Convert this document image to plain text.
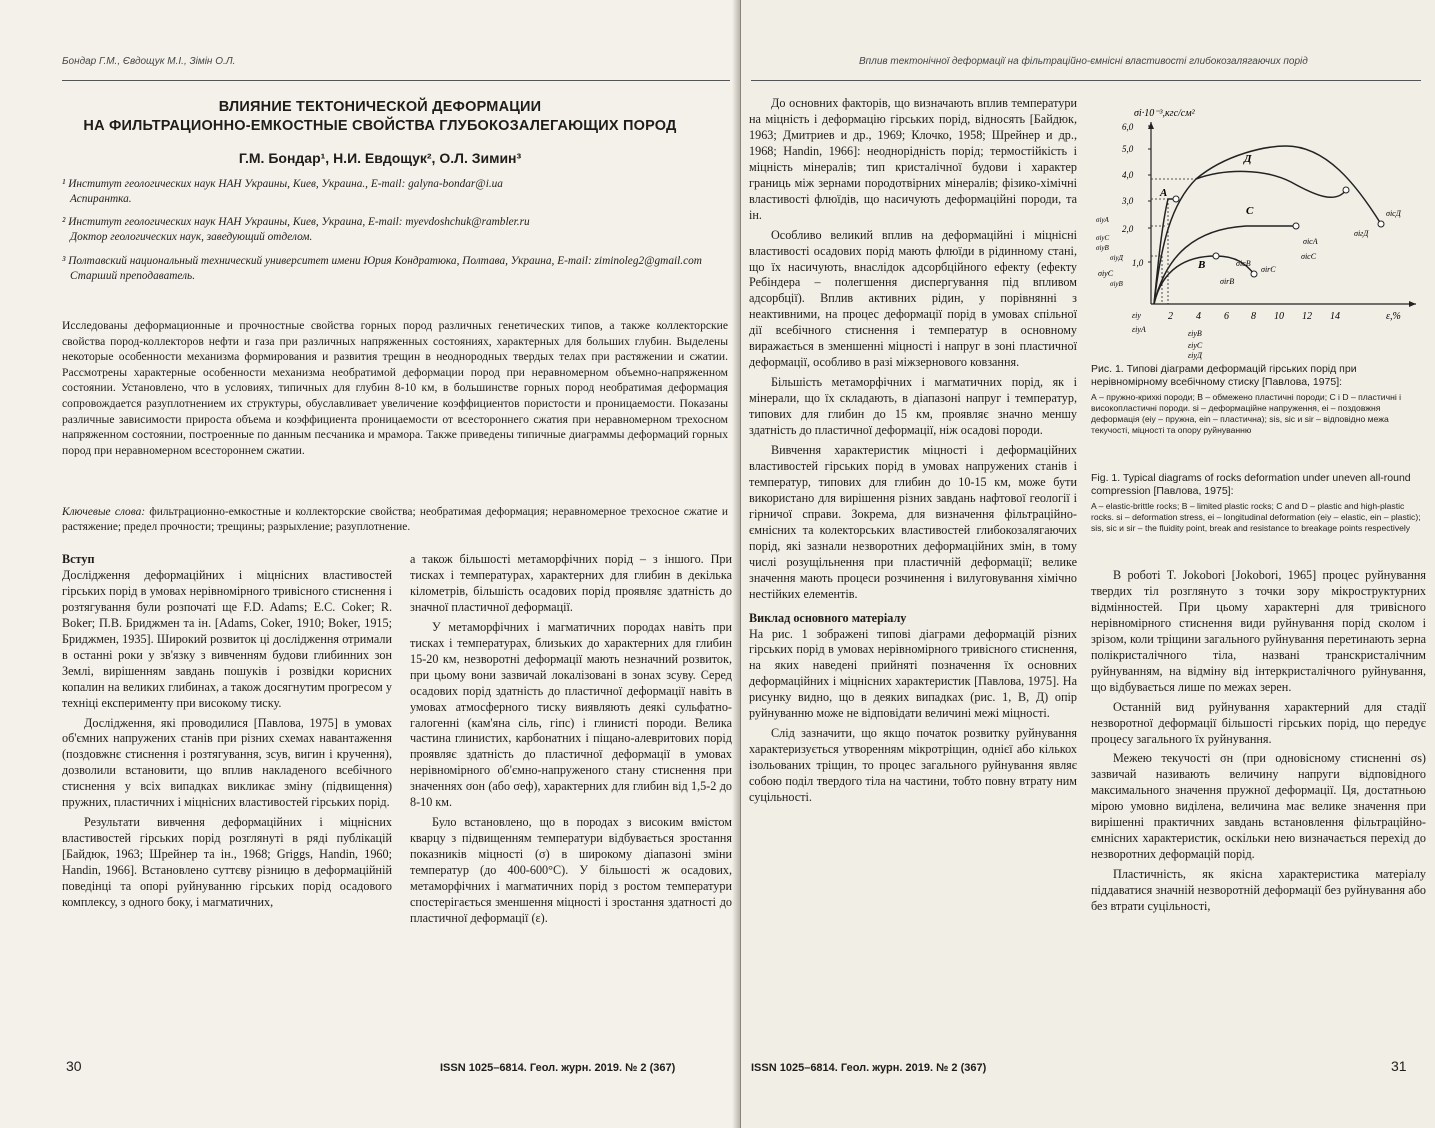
Бондар Г.М., Євдощук М.І., Зімін О.Л.
ВЛИЯНИЕ ТЕКТОНИЧЕСКОЙ ДЕФОРМАЦИИ
НА ФИЛЬТРАЦИОННО-ЕМКОСТНЫЕ СВОЙСТВА ГЛУБОКОЗАЛЕГАЮЩИХ ПОРОД
Г.М. Бондар¹, Н.И. Евдощук², О.Л. Зимин³
¹ Институт геологических наук НАН Украины, Киев, Украина., E-mail: galyna-bondar@i.ua
Аспирантка.
² Институт геологических наук НАН Украины, Киев, Украина, E-mail: myevdoshchuk@rambler.ru
Доктор геологических наук, заведующий отделом.
³ Полтавский национальный технический университет имени Юрия Кондратюка, Полтава, Украина, E-mail: ziminoleg2@gmail.com
Старший преподаватель.
Исследованы деформационные и прочностные свойства горных пород различных генетических типов, а также коллекторские свойства пород-коллекторов нефти и газа при различных напряженных состояниях, характерных для больших глубин. Выделены некоторые особенности механизма формирования и развития трещин в неоднородных твердых телах при растяжении и сжатии. Рассмотрены характерные особенности механизма необратимой деформации пород при неравномерном объемно-напряженном состоянии. Установлено, что в условиях, типичных для глубин 8-10 км, в большинстве горных пород необратимая деформация сопровождается разуплотнением их структуры, обуславливает увеличение коэффициентов пористости и проницаемости. Показаны различные зависимости прироста объема и коэффициента проницаемости от всестороннего сжатия при неравномерном трехосном напряженном состоянии, построенные по данным песчаника и мрамора. Также приведены типичные диаграммы деформаций горных пород при неравномерном всестороннем сжатии.
Ключевые слова: фильтрационно-емкостные и коллекторские свойства; необратимая деформация; неравномерное трехосное сжатие и растяжение; предел прочности; трещины; разрыхление; разуплотнение.
Вступ

Дослідження деформаційних і міцнісних властивостей гірських порід в умовах нерівномірного тривісного стиснення і розтягування були розпочаті ще F.D. Adams; E.C. Coker; R. Boker; П.В. Бриджмен та ін. [Adams, Coker, 1910; Boker, 1915; Бриджмен, 1935]. Широкий розвиток ці дослідження отримали в останні роки у зв'язку з вивченням будови глибинних зон Землі, вирішенням завдань пошуків і розвідки корисних копалин на великих глибинах, а також досягнутим прогресом у техніці експерименту при високому тиску.

Дослідження, які проводилися [Павлова, 1975] в умовах об'ємних напружених станів при різних схемах навантаження (поздовжнє стиснення і розтягування, зсув, вигин і кручення), дозволили встановити, що вплив накладеного всебічного стиснення у всіх випадках викликає зміну (підвищення) пружних, пластичних і міцнісних властивостей гірських порід.

Результати вивчення деформаційних і міцнісних властивостей гірських порід розглянуті в ряді публікацій [Байдюк, 1963; Шрейнер та ін., 1968; Griggs, Handin, 1960; Handin, 1966]. Встановлено суттєву різницю в деформаційній поведінці та опорі руйнуванню гірських порід осадового комплексу, з одного боку, і магматичних,

а також більшості метаморфічних порід – з іншого. При тисках і температурах, характерних для глибин в декілька кілометрів, більшість осадових порід проявляє здатність до значної пластичної деформації.

У метаморфічних і магматичних породах навіть при тисках і температурах, близьких до характерних для глибин 15-20 км, незворотні деформації мають незначний розвиток, при цьому вони зазвичай локалізовані в зонах зсуву. Серед осадових порід здатність до пластичної деформації навіть в умовах атмосферного тиску виявляють деякі сульфатно-галогенні (кам'яна сіль, гіпс) і глинисті породи. Велика частина глинистих, карбонатних і піщано-алевритових порід проявляє здатність до пластичної деформації в умовах нерівномірного об'ємно-напруженого стану стиснення при значеннях σон (або σеф), характерних для глибин від 1,5-2 до 8-10 км.

Було встановлено, що в породах з високим вмістом кварцу з підвищенням температури відбувається зростання показників міцності (σ) в широкому діапазоні зміни температур (до 400-600°С). У більшості ж осадових, метаморфічних і магматичних порід з ростом температури спостерігається зменшення міцності і зростання здатності до пластичної деформації (ε).

30	ISSN 1025–6814. Геол. журн. 2019. № 2 (367)
Вплив тектонічної деформації на фільтраційно-ємнісні властивості глибокозалягаючих порід

До основних факторів, що визначають вплив температури на міцність і деформацію гірських порід, відносять [Байдюк, 1963; Дмитриев и др., 1969; Клочко, 1958; Шрейнер и др., 1968; Handin, 1966]: неоднорідність порід; термостійкість і міцність мінералів; тип кристалічної будови і характер границь між зернами породотвірних мінералів; фізико-хімічні властивості флюїдів, що насичують деформаційні породи, та ін.

Особливо великий вплив на деформаційні і міцнісні властивості осадових порід мають флюїди в рідинному стані, що їх насичують, внаслідок адсорбційного ефекту (ефекту Ребіндера – полегшення диспергування під впливом адсорбції). Вплив активних рідин, у порівнянні з неактивними, на процес деформації порід в умовах спільної дії всебічного стиснення і температур в основному виражається в зменшенні міцності і напруг в зоні пластичної деформації, особливо в разі міжзернового ковзання.

Більшість метаморфічних і магматичних порід, як і мінерали, що їх складають, в діапазоні напруг і температур, типових для глибин до 15 км, проявляє значно меншу здатність до пластичної деформації, ніж осадові породи.

Вивчення характеристик міцності і деформаційних властивостей гірських порід в умовах напружених станів і температур, типових для глибин до 10-15 км, може бути використано для вирішення різних завдань нафтової геології і гірничої справи. Зокрема, для визначення фільтраційно-ємнісних та колекторських властивостей глибокозалягаючих порід, які зазнали незворотних деформаційних змін, в тому числі розущільнення при пластичній деформації; велике значення мають процеси розчинення і вилуговування хімічно нестійких елементів.

Виклад основного матеріалу

На рис. 1 зображені типові діаграми деформацій різних гірських порід в умовах нерівномірного тривісного стиснення, на яких наведені прийняті позначення їх основних деформаційних і міцнісних характеристик [Павлова, 1975]. На рисунку видно, що в деяких випадках (рис. 1, В, Д) опір руйнуванню може не відповідати величині межі міцності.

Слід зазначити, що якщо початок розвитку руйнування характеризується утворенням мікротріщин, однієї або кількох ізольованих тріщин, то процес загального руйнування являє собою поділ твердого тіла на частини, тобто повну втрату ним суцільності.

σi·10⁻³,кгс/см²
6,0
5,0
4,0
3,0
2,0
1,0
2 4 6 8 10 12 14	ε,%
Д
A
C
B
σiсД
σiгД
σicA
σicC
σirC
σicB
σirB
σiуС
σiуA
σiуB
σiуC
σiуД
σiуB
εiу
εiуА	εiуВ
εiуС
εiуД
Рис. 1. Типові діаграми деформацій гірських порід при нерівномірному всебічному стиску [Павлова, 1975]:
А – пружно-крихкі породи; В – обмежено пластичні породи; C і D – пластичні і високопластичні породи. si – деформаційне напруження, ei – поздовжня деформація (eiy – пружна, ein – пластична); sis, sic и sir – відповідно межа текучості, міцності та опору руйнуванню
Fig. 1. Typical diagrams of rocks deformation under uneven all-round compression [Павлова, 1975]:
A – elastic-brittle rocks; B – limited plastic rocks; C and D – plastic and high-plastic rocks. si – deformation stress, ei – longitudinal deformation (eiy – elastic, ein – plastic); sis, sic и sir – the fluidity point, break and resistance to breakage points respectively

В роботі T. Jokobori [Jokobori, 1965] процес руйнування твердих тіл розглянуто з точки зору мікроструктурних відмінностей. При цьому характерні для тривісного нерівномірного стиснення види руйнування порід сколом і зрізом, коли тріщини загального руйнування перетинають зерна полікристалічного тіла, названі транскристалічним руйнуванням, на відміну від інтеркристалічного руйнування, що відбувається лише по межах зерен.

Останній вид руйнування характерний для стадії незворотної деформації більшості гірських порід, що передує процесу загального їх руйнування.

Межею текучості σн (при одновісному стисненні σs) зазвичай називають величину напруги відповідного максимального значення пружної деформації. Ця, достатньою мірою умовно виділена, величина має велике значення при вирішенні практичних завдань встановлення фільтраційно-ємнісних характеристик, оскільки нею визначається перехід до незворотних деформацій порід.

Пластичність, як якісна характеристика матеріалу піддаватися значній незворотній деформації без руйнування або без втрати суцільності,

ISSN 1025–6814. Геол. журн. 2019. № 2 (367)	31
